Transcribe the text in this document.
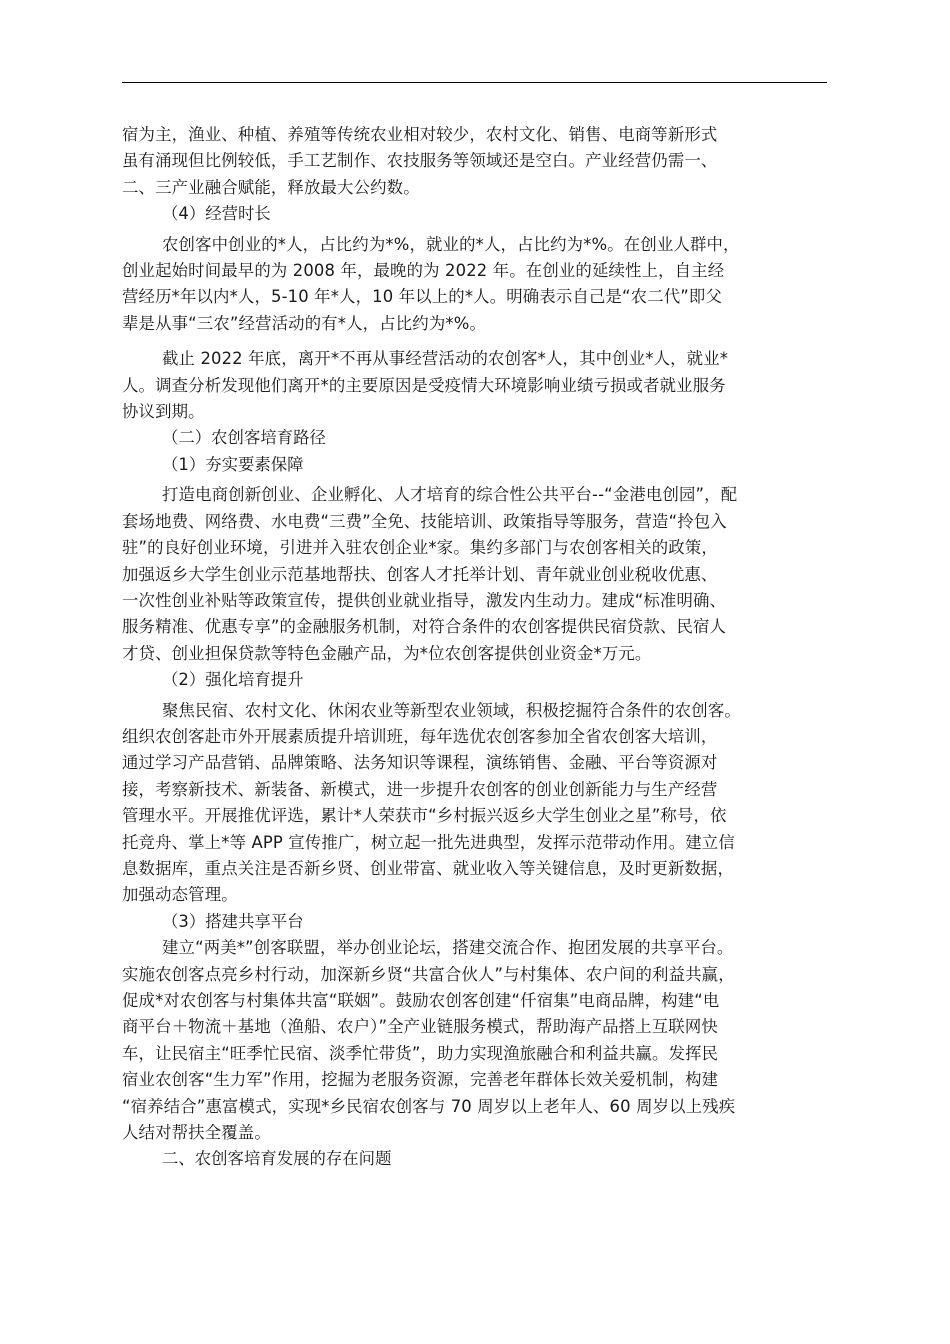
宿为主，渔业、种植、养殖等传统农业相对较少，农村文化、销售、电商等新形式
虽有涌现但比例较低，手工艺制作、农技服务等领域还是空白。产业经营仍需一、
二、三产业融合赋能，释放最大公约数。

（4）经营时长

农创客中创业的*人，占比约为*%，就业的*人，占比约为*%。在创业人群中，
创业起始时间最早的为 2008 年，最晚的为 2022 年。在创业的延续性上，自主经
营经历*年以内*人，5-10 年*人，10 年以上的*人。明确表示自己是“农二代”即父
辈是从事“三农”经营活动的有*人，占比约为*%。

截止 2022 年底，离开*不再从事经营活动的农创客*人，其中创业*人，就业*
人。调查分析发现他们离开*的主要原因是受疫情大环境影响业绩亏损或者就业服务
协议到期。

（二）农创客培育路径

（1）夯实要素保障

打造电商创新创业、企业孵化、人才培育的综合性公共平台--“金港电创园”，配
套场地费、网络费、水电费“三费”全免、技能培训、政策指导等服务，营造“拎包入
驻”的良好创业环境，引进并入驻农创企业*家。集约多部门与农创客相关的政策，
加强返乡大学生创业示范基地帮扶、创客人才托举计划、青年就业创业税收优惠、
一次性创业补贴等政策宣传，提供创业就业指导，激发内生动力。建成“标准明确、
服务精准、优惠专享”的金融服务机制，对符合条件的农创客提供民宿贷款、民宿人
才贷、创业担保贷款等特色金融产品，为*位农创客提供创业资金*万元。

（2）强化培育提升

聚焦民宿、农村文化、休闲农业等新型农业领域，积极挖掘符合条件的农创客。
组织农创客赴市外开展素质提升培训班，每年选优农创客参加全省农创客大培训，
通过学习产品营销、品牌策略、法务知识等课程，演练销售、金融、平台等资源对
接，考察新技术、新装备、新模式，进一步提升农创客的创业创新能力与生产经营
管理水平。开展推优评选，累计*人荣获市“乡村振兴返乡大学生创业之星”称号，依
托竞舟、掌上*等 APP 宣传推广，树立起一批先进典型，发挥示范带动作用。建立信
息数据库，重点关注是否新乡贤、创业带富、就业收入等关键信息，及时更新数据，
加强动态管理。

（3）搭建共享平台

建立“两美*”创客联盟，举办创业论坛，搭建交流合作、抱团发展的共享平台。
实施农创客点亮乡村行动，加深新乡贤“共富合伙人”与村集体、农户间的利益共赢，
促成*对农创客与村集体共富“联姻”。鼓励农创客创建“仟宿集”电商品牌，构建“电
商平台＋物流＋基地（渔船、农户）”全产业链服务模式，帮助海产品搭上互联网快
车，让民宿主“旺季忙民宿、淡季忙带货”，助力实现渔旅融合和利益共赢。发挥民
宿业农创客“生力军”作用，挖掘为老服务资源，完善老年群体长效关爱机制，构建
“宿养结合”惠富模式，实现*乡民宿农创客与 70 周岁以上老年人、60 周岁以上残疾
人结对帮扶全覆盖。

二、农创客培育发展的存在问题
